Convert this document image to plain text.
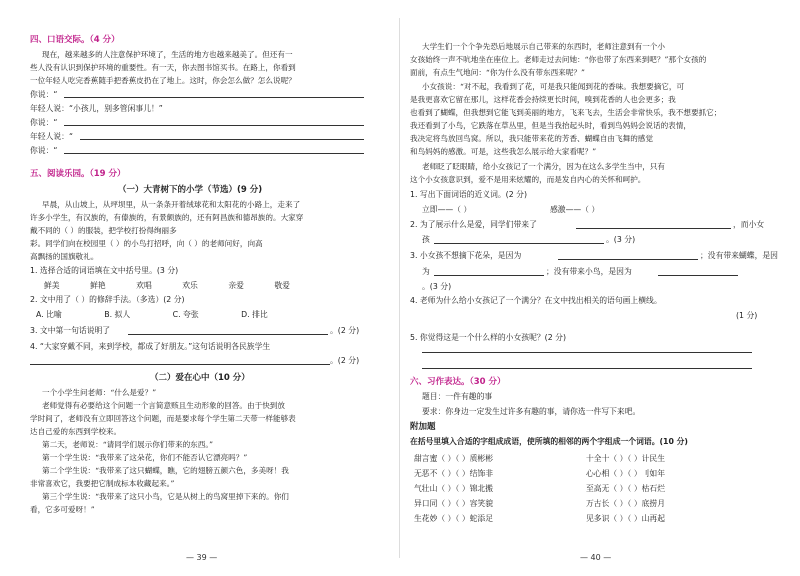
四、口语交际。（4 分）
现在，越来越多的人注意保护环境了，生活的地方也越来越美了。但还有一
些人没有认识到保护环境的重要性。有一天，你去图书馆买书。在路上，你看到
一位年轻人吃完香蕉随手把香蕉皮扔在了地上。这时，你会怎么做？怎么说呢？
你说：“
年轻人说：“小孩儿，别多管闲事儿！”
你说：“
年轻人说：“
你说：“
五、阅读乐园。（19 分）
（一）大青树下的小学（节选）(9 分)
早晨，从山坡上，从坪坝里，从一条条开着绒球花和太阳花的小路上，走来了
许多小学生，有汉族的，有傣族的，有景颇族的，还有阿昌族和德昂族的。大家穿
戴不同的（ ）的服装，把学校打扮得绚丽多
彩。同学们向在校园里（ ）的小鸟打招呼，向（ ）的老师问好，向高
高飘扬的国旗敬礼。
1. 选择合适的词语填在文中括号里。(3 分)
鲜美	鲜艳	欢唱	欢乐	亲爱	敬爱
2. 文中用了（ ）的修辞手法。（多选）(2 分)
A. 比喻	B. 拟人	C. 夸张	D. 排比
3. 文中第一句话说明了	。(2 分)
4. “大家穿戴不同，来到学校，都成了好朋友。”这句话说明各民族学生
。(2 分)
（二）爱在心中（10 分）
一个小学生问老师：“什么是爱？”
老师觉得有必要给这个问题一个言简意赅且生动形象的回答。由于快到放
学时间了，老师没有立即回答这个问题，而是要求每个学生第二天带一样能够表
达自己爱的东西到学校来。
第二天，老师说：“请同学们展示你们带来的东西。”
第一个学生说：“我带来了这朵花，你们不能否认它漂亮吗？”
第二个学生说：“我带来了这只蝴蝶，瞧，它的翅膀五颜六色，多美呀！我
非常喜欢它，我要把它制成标本收藏起来。”
第三个学生说：“我带来了这只小鸟，它是从树上的鸟窝里掉下来的。你们
看，它多可爱呀！”
— 39 —
大学生们一个个争先恐后地展示自己带来的东西时，老师注意到有一个小
女孩始终一声不吭地坐在座位上。老师走过去问她：“你也带了东西来到吧？”那个女孩的
面前，有点生气地问：“你为什么没有带东西来呢？”
小女孩说：“对不起，我看到了花，可是我只能闻到花的香味。我想要摘它，可
是我更喜欢它留在那儿，这样花香会持续更长时间，嗅到花香的人也会更多；我
也看到了蝴蝶，但我想到它能飞到美丽的地方，飞来飞去，生活会非常快乐，我不想要抓它；
我还看到了小鸟，它跌落在草丛里，但是当我抬起头时，看到鸟妈妈会说话的表情，
我决定将鸟放回鸟窝。所以，我只能带来花的芳香、蝴蝶自由飞舞的感觉
和鸟妈妈的感激。可是，这些我怎么展示给大家看呢？”
老师眨了眨眼睛，给小女孩记了一个满分，因为在这么多学生当中，只有
这个小女孩意识到，爱不是用来炫耀的，而是发自内心的关怀和呵护。
1. 写出下面词语的近义词。(2 分)
立即——（ ）	感激——（ ）
2. 为了展示什么是爱，同学们带来了	，而小女
孩	。(3 分)
3. 小女孩不想摘下花朵，是因为	；没有带来蝴蝶，是因
为	；没有带来小鸟，是因为
。(3 分)
4. 老师为什么给小女孩记了一个满分？在文中找出相关的语句画上横线。
(1 分)
5. 你觉得这是一个什么样的小女孩呢？(2 分)
六、习作表达。（30 分）
题目：一件有趣的事
要求：你身边一定发生过许多有趣的事，请你选一件写下来吧。
附加题
在括号里填入合适的字组成成语，使所填的相邻的两个字组成一个词语。(10 分)
甜言蜜（ ）（ ）质彬彬	十全十（ ）（ ）计民生
无恶不（ ）（ ）结饰非	心心相（ ）（ ）刂如年
气壮山（ ）（ ）锦北搬	至高无（ ）（ ）枯石烂
异口同（ ）（ ）容笑貌	万古长（ ）（ ）底捞月
生花妙（ ）（ ）蛇添足	见多识（ ）（ ）山再起
— 40 —
